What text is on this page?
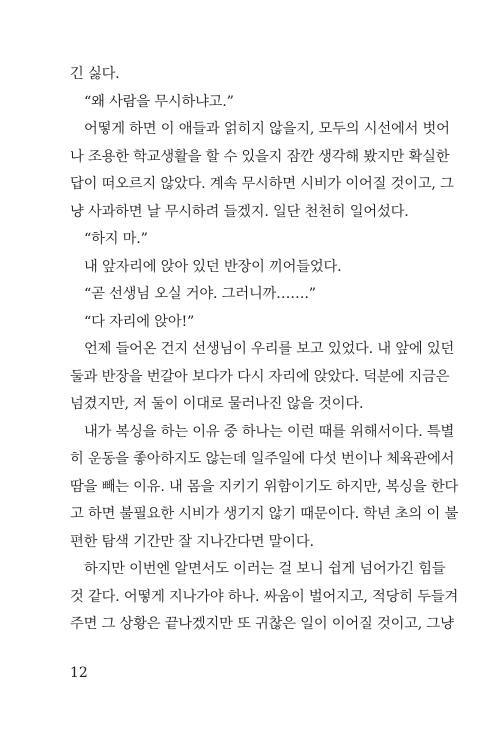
긴 싫다.
“왜 사람을 무시하냐고.”
어떻게 하면 이 애들과 얽히지 않을지, 모두의 시선에서 벗어
나 조용한 학교생활을 할 수 있을지 잠깐 생각해 봤지만 확실한
답이 떠오르지 않았다. 계속 무시하면 시비가 이어질 것이고, 그
냥 사과하면 날 무시하려 들겠지. 일단 천천히 일어섰다.
“하지 마.”
내 앞자리에 앉아 있던 반장이 끼어들었다.
“곧 선생님 오실 거야. 그러니까…….”
“다 자리에 앉아!”
언제 들어온 건지 선생님이 우리를 보고 있었다. 내 앞에 있던
둘과 반장을 번갈아 보다가 다시 자리에 앉았다. 덕분에 지금은
넘겼지만, 저 둘이 이대로 물러나진 않을 것이다.
내가 복싱을 하는 이유 중 하나는 이런 때를 위해서이다. 특별
히 운동을 좋아하지도 않는데 일주일에 다섯 번이나 체육관에서
땀을 빼는 이유. 내 몸을 지키기 위함이기도 하지만, 복싱을 한다
고 하면 불필요한 시비가 생기지 않기 때문이다. 학년 초의 이 불
편한 탐색 기간만 잘 지나간다면 말이다.
하지만 이번엔 알면서도 이러는 걸 보니 쉽게 넘어가긴 힘들
것 같다. 어떻게 지나가야 하나. 싸움이 벌어지고, 적당히 두들겨
주면 그 상황은 끝나겠지만 또 귀찮은 일이 이어질 것이고, 그냥
12
